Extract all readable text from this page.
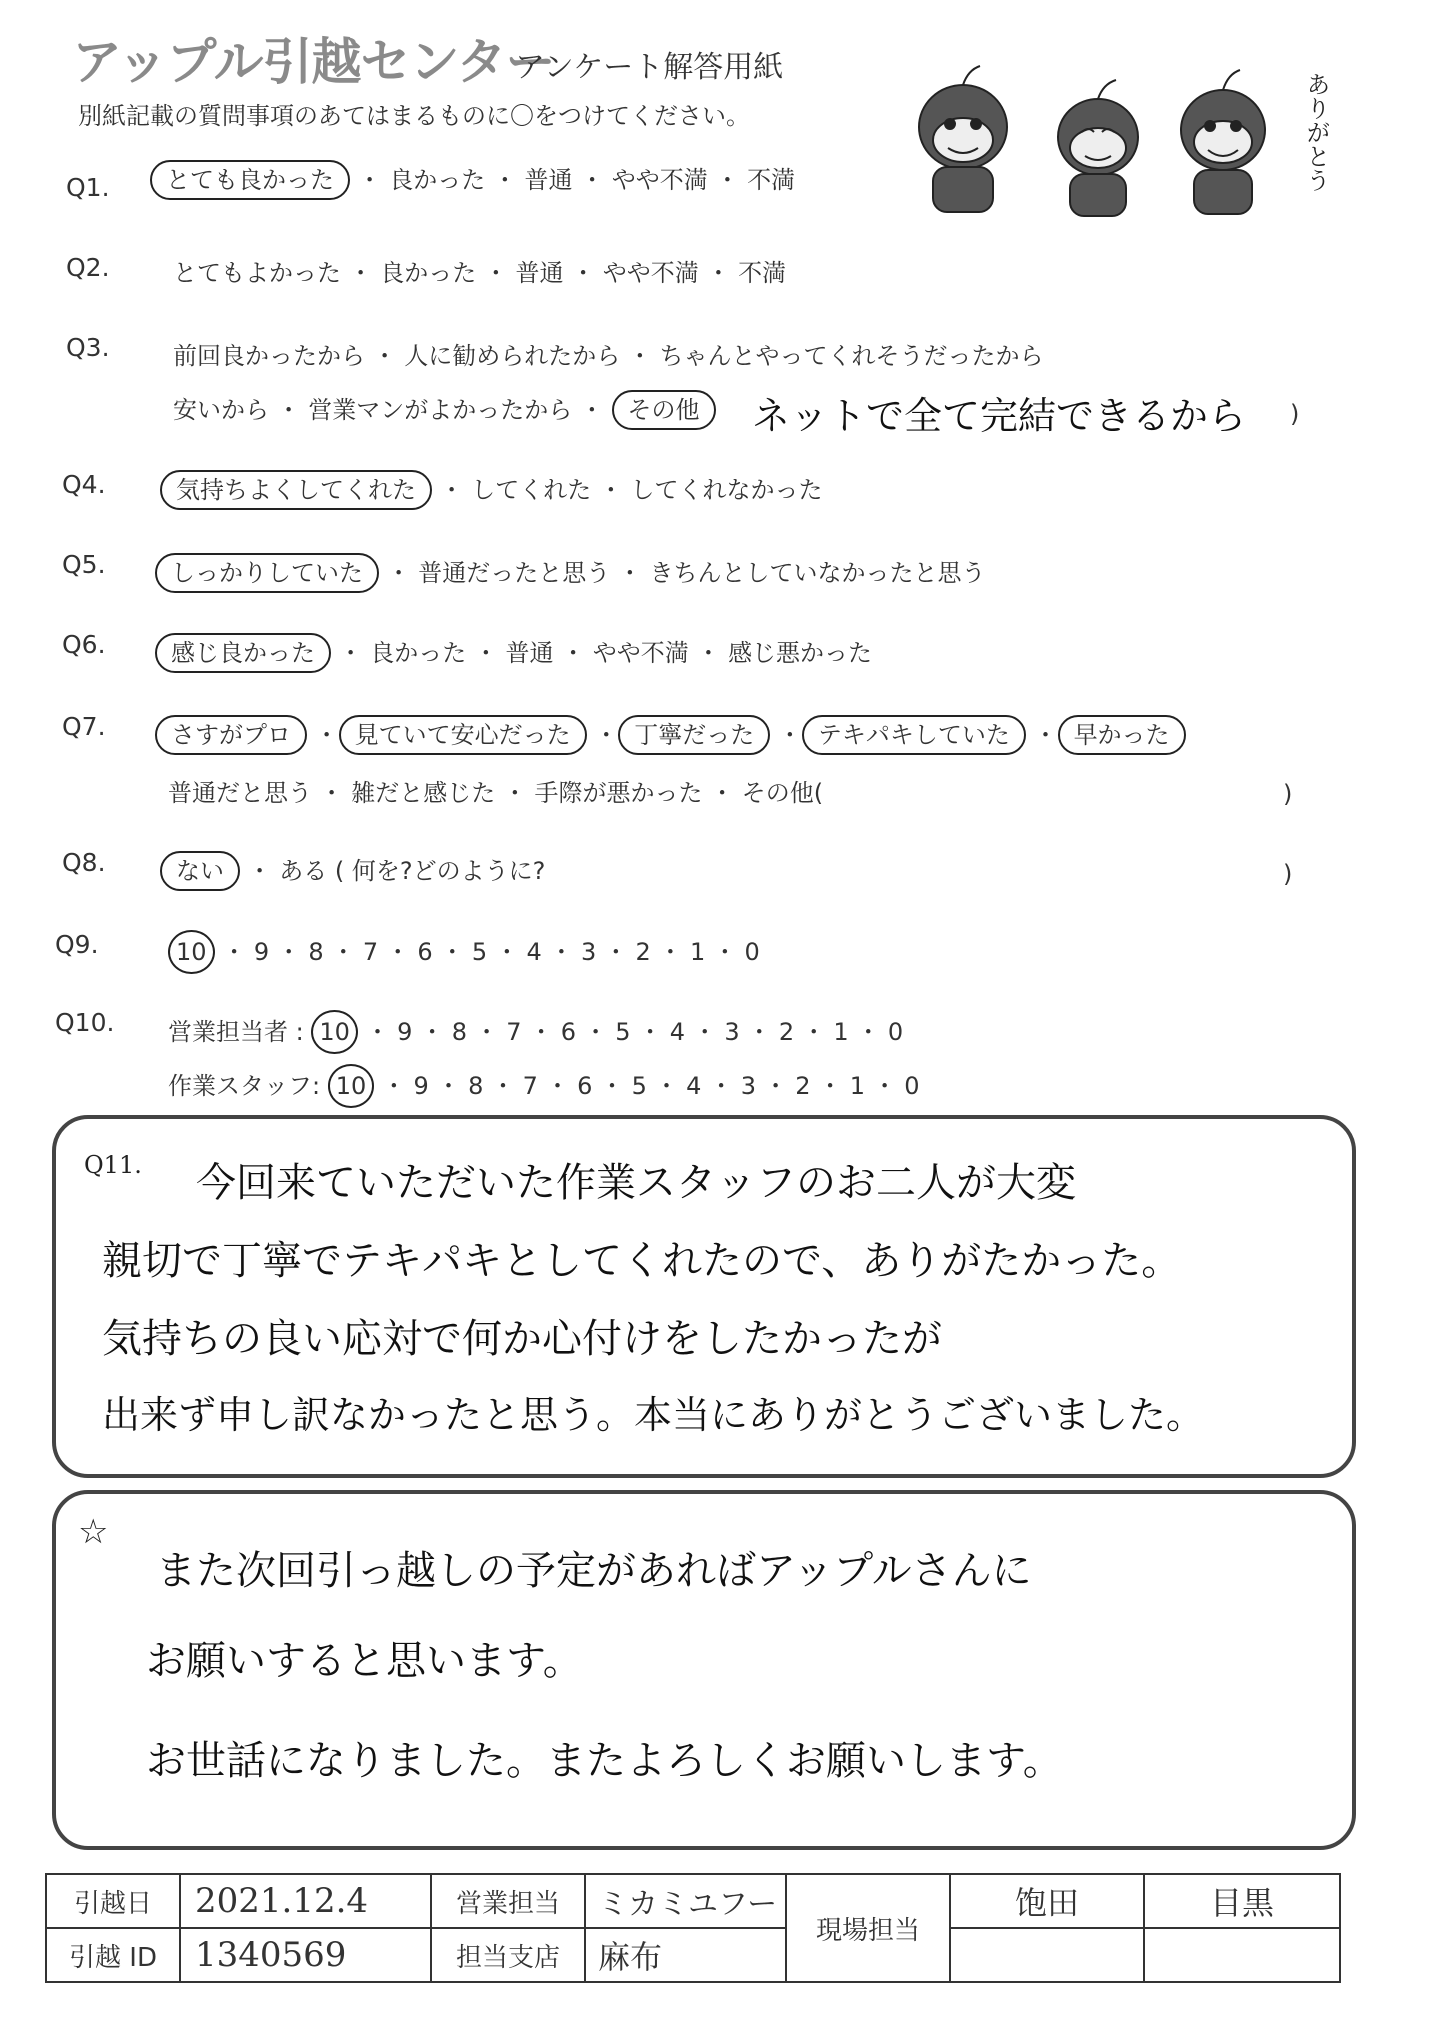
アップル引越センター
アンケート解答用紙
別紙記載の質問事項のあてはまるものに〇をつけてください。	ありがとう
Q1.	とても良かった ・ 良かった ・ 普通 ・ やや不満 ・ 不満
Q2.	とてもよかった ・ 良かった ・ 普通 ・ やや不満 ・ 不満
Q3.	前回良かったから ・ 人に勧められたから ・ ちゃんとやってくれそうだったから
安いから ・ 営業マンがよかったから ・ その他	ネットで全て完結できるから )
Q4.	気持ちよくしてくれた ・ してくれた ・ してくれなかった
Q5.	しっかりしていた ・ 普通だったと思う ・ きちんとしていなかったと思う
Q6.	感じ良かった ・ 良かった ・ 普通 ・ やや不満 ・ 感じ悪かった
Q7.	さすがプロ ・ 見ていて安心だった ・ 丁寧だった ・ テキパキしていた ・ 早かった
普通だと思う ・ 雑だと感じた ・ 手際が悪かった ・ その他(	)
Q8.	ない ・ ある ( 何を?どのように?	)
Q9.	10 ・ 9 ・ 8 ・ 7 ・ 6 ・ 5 ・ 4 ・ 3 ・ 2 ・ 1 ・ 0
Q10. 営業担当者 : 10 ・ 9 ・ 8 ・ 7 ・ 6 ・ 5 ・ 4 ・ 3 ・ 2 ・ 1 ・ 0
作業スタッフ: 10 ・ 9 ・ 8 ・ 7 ・ 6 ・ 5 ・ 4 ・ 3 ・ 2 ・ 1 ・ 0
Q11. 今回来ていただいた作業スタッフのお二人が大変
親切で丁寧でテキパキとしてくれたので、ありがたかった。
気持ちの良い応対で何か心付けをしたかったが
出来ず申し訳なかったと思う。本当にありがとうございました。
☆
また次回引っ越しの予定があればアップルさんに
お願いすると思います。
お世話になりました。またよろしくお願いします。
引越日	2021.12.4	営業担当	ミカミユフー	現場担当	饱田	目黒
引越 ID	1340569	担当支店	麻布			
